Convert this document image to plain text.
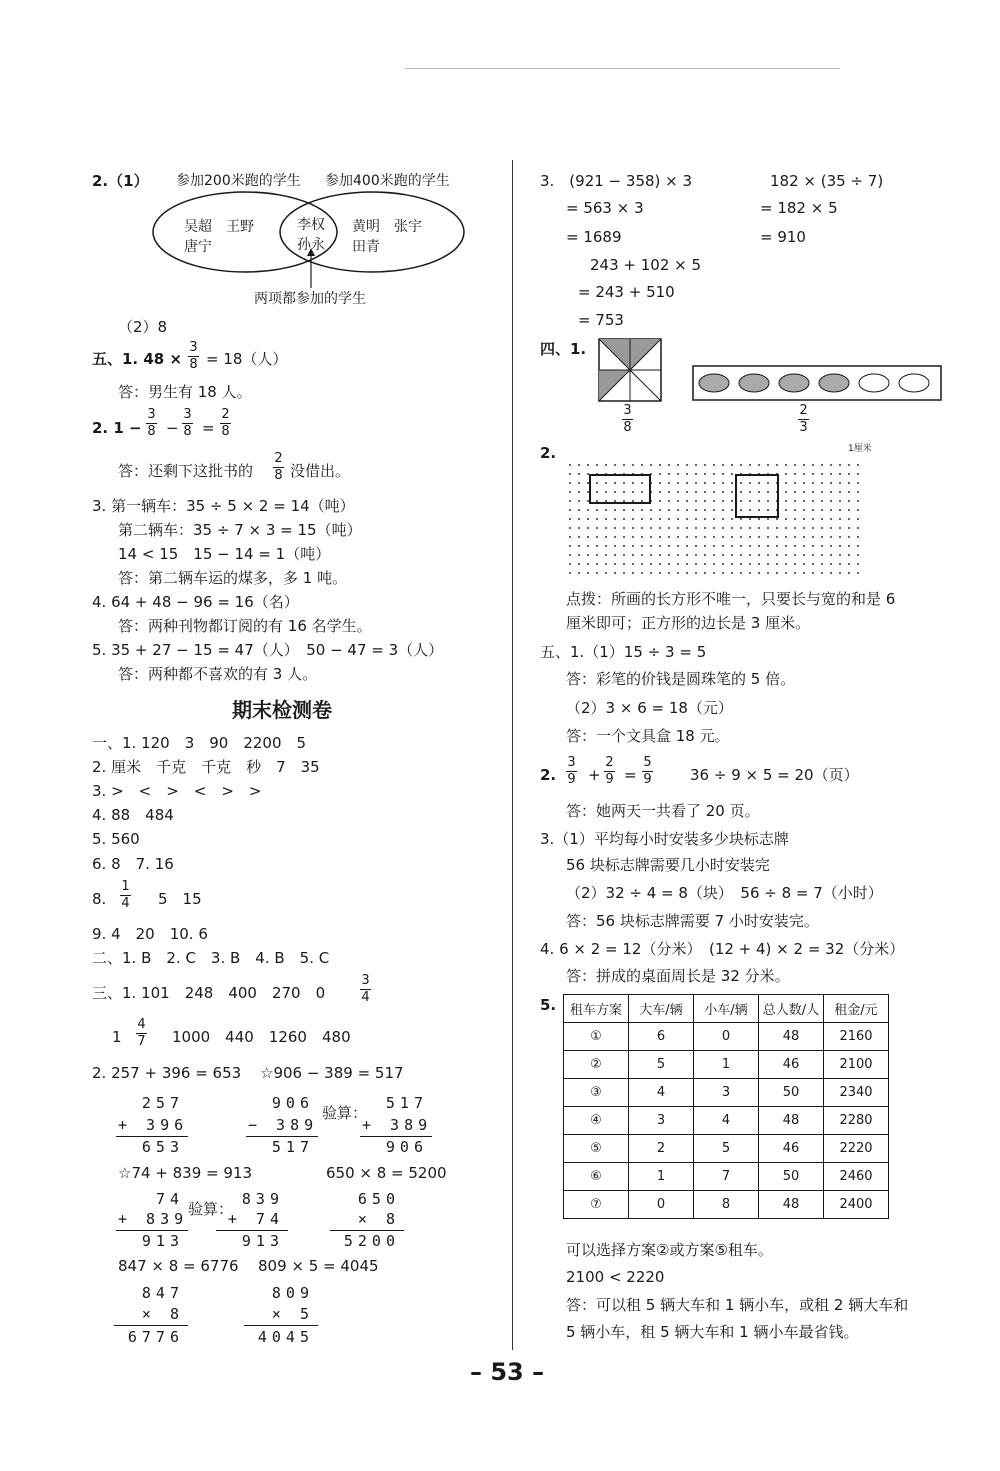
2.（1） 参加200米跑的学生 参加400米跑的学生
吴超　王野
唐宁
李权
孙永
黄明　张宇
田青
两项都参加的学生
（2）8
五、1. 48 ×
3
8 = 18（人）
答：男生有 18 人。
2. 1 −
3
8 −
3
8 =
2
8
答：还剩下这批书的
2
8 没借出。
3. 第一辆车：35 ÷ 5 × 2 = 14（吨）
第二辆车：35 ÷ 7 × 3 = 15（吨）
14 < 15　15 − 14 = 1（吨）
答：第二辆车运的煤多，多 1 吨。
4. 64 + 48 − 96 = 16（名）
答：两种刊物都订阅的有 16 名学生。
5. 35 + 27 − 15 = 47（人）　50 − 47 = 3（人）
答：两种都不喜欢的有 3 人。
期末检测卷
一、1. 120　3　90　2200　5
2. 厘米　千克　千克　秒　7　35
3. >　<　>　<　>　>
4. 88　484
5. 560
6. 8　7. 16
8.
1
4 5　15
9. 4　20　10. 6
二、1. B　2. C　3. B　4. B　5. C
三、1. 101　248　400　270　0
3
4
1
4
7 1000　440　1260　480
2. 257 + 396 = 653 ☆906 − 389 = 517
257
+ 396
653
906
− 389
517
验算：
517
+ 389
906
☆74 + 839 = 913	650 × 8 = 5200
74
+ 839
913
验算：
839
+ 74
913
650
× 8
5200
847 × 8 = 6776 809 × 5 = 4045
847
× 8
6776
809
× 5
4045
3.　(921 − 358) × 3	182 × (35 ÷ 7)
= 563 × 3	= 182 × 5
= 1689	= 910
243 + 102 × 5
= 243 + 510
= 753
四、1.
3
8
2
3
2.	1厘米
点拨：所画的长方形不唯一，只要长与宽的和是 6
厘米即可；正方形的边长是 3 厘米。
五、1.（1）15 ÷ 3 = 5
答：彩笔的价钱是圆珠笔的 5 倍。
（2）3 × 6 = 18（元）
答：一个文具盒 18 元。
2.
3
9 +
2
9 =
5
9	36 ÷ 9 × 5 = 20（页）
答：她两天一共看了 20 页。
3.（1）平均每小时安装多少块标志牌
56 块标志牌需要几小时安装完
（2）32 ÷ 4 = 8（块）　56 ÷ 8 = 7（小时）
答：56 块标志牌需要 7 小时安装完。
4. 6 × 2 = 12（分米）　(12 + 4) × 2 = 32（分米）
答：拼成的桌面周长是 32 分米。
5. 租车方案	大车/辆	小车/辆	总人数/人	租金/元
①	6	0	48	2160
②	5	1	46	2100
③	4	3	50	2340
④	3	4	48	2280
⑤	2	5	46	2220
⑥	1	7	50	2460
⑦	0	8	48	2400
可以选择方案②或方案⑤租车。
2100 < 2220
答：可以租 5 辆大车和 1 辆小车，或租 2 辆大车和
5 辆小车，租 5 辆大车和 1 辆小车最省钱。
– 53 –
